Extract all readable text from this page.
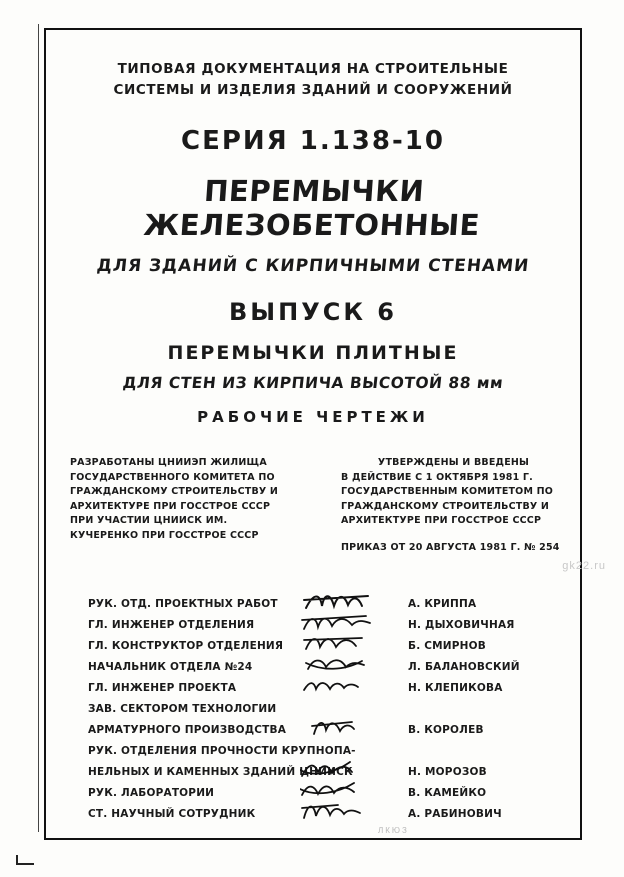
ТИПОВАЯ ДОКУМЕНТАЦИЯ НА СТРОИТЕЛЬНЫЕ
СИСТЕМЫ И ИЗДЕЛИЯ ЗДАНИЙ И СООРУЖЕНИЙ
СЕРИЯ 1.138-10
ПЕРЕМЫЧКИ ЖЕЛЕЗОБЕТОННЫЕ
ДЛЯ ЗДАНИЙ С КИРПИЧНЫМИ СТЕНАМИ
ВЫПУСК 6
ПЕРЕМЫЧКИ ПЛИТНЫЕ
ДЛЯ СТЕН ИЗ КИРПИЧА ВЫСОТОЙ 88 мм
РАБОЧИЕ ЧЕРТЕЖИ
РАЗРАБОТАНЫ ЦНИИЭП ЖИЛИЩА
ГОСУДАРСТВЕННОГО КОМИТЕТА ПО
ГРАЖДАНСКОМУ СТРОИТЕЛЬСТВУ И
АРХИТЕКТУРЕ ПРИ ГОССТРОЕ СССР
ПРИ УЧАСТИИ ЦНИИСК ИМ.
КУЧЕРЕНКО ПРИ ГОССТРОЕ СССР
УТВЕРЖДЕНЫ И ВВЕДЕНЫ
В ДЕЙСТВИЕ С 1 ОКТЯБРЯ 1981 Г.
ГОСУДАРСТВЕННЫМ КОМИТЕТОМ ПО
ГРАЖДАНСКОМУ СТРОИТЕЛЬСТВУ И
АРХИТЕКТУРЕ ПРИ ГОССТРОЕ СССР
ПРИКАЗ ОТ 20 АВГУСТА 1981 Г. № 254
РУК. ОТД. ПРОЕКТНЫХ РАБОТ	А. КРИППА
ГЛ. ИНЖЕНЕР ОТДЕЛЕНИЯ	Н. ДЫХОВИЧНАЯ
ГЛ. КОНСТРУКТОР ОТДЕЛЕНИЯ	Б. СМИРНОВ
НАЧАЛЬНИК ОТДЕЛА №24	Л. БАЛАНОВСКИЙ
ГЛ. ИНЖЕНЕР ПРОЕКТА	Н. КЛЕПИКОВА
ЗАВ. СЕКТОРОМ ТЕХНОЛОГИИ
АРМАТУРНОГО ПРОИЗВОДСТВА	В. КОРОЛЕВ
РУК. ОТДЕЛЕНИЯ ПРОЧНОСТИ КРУПНОПА-
НЕЛЬНЫХ И КАМЕННЫХ ЗДАНИЙ ЦНИИСК	Н. МОРОЗОВ
РУК. ЛАБОРАТОРИИ	В. КАМЕЙКО
СТ. НАУЧНЫЙ СОТРУДНИК	А. РАБИНОВИЧ
gk22.ru
ЛКЮЗ
